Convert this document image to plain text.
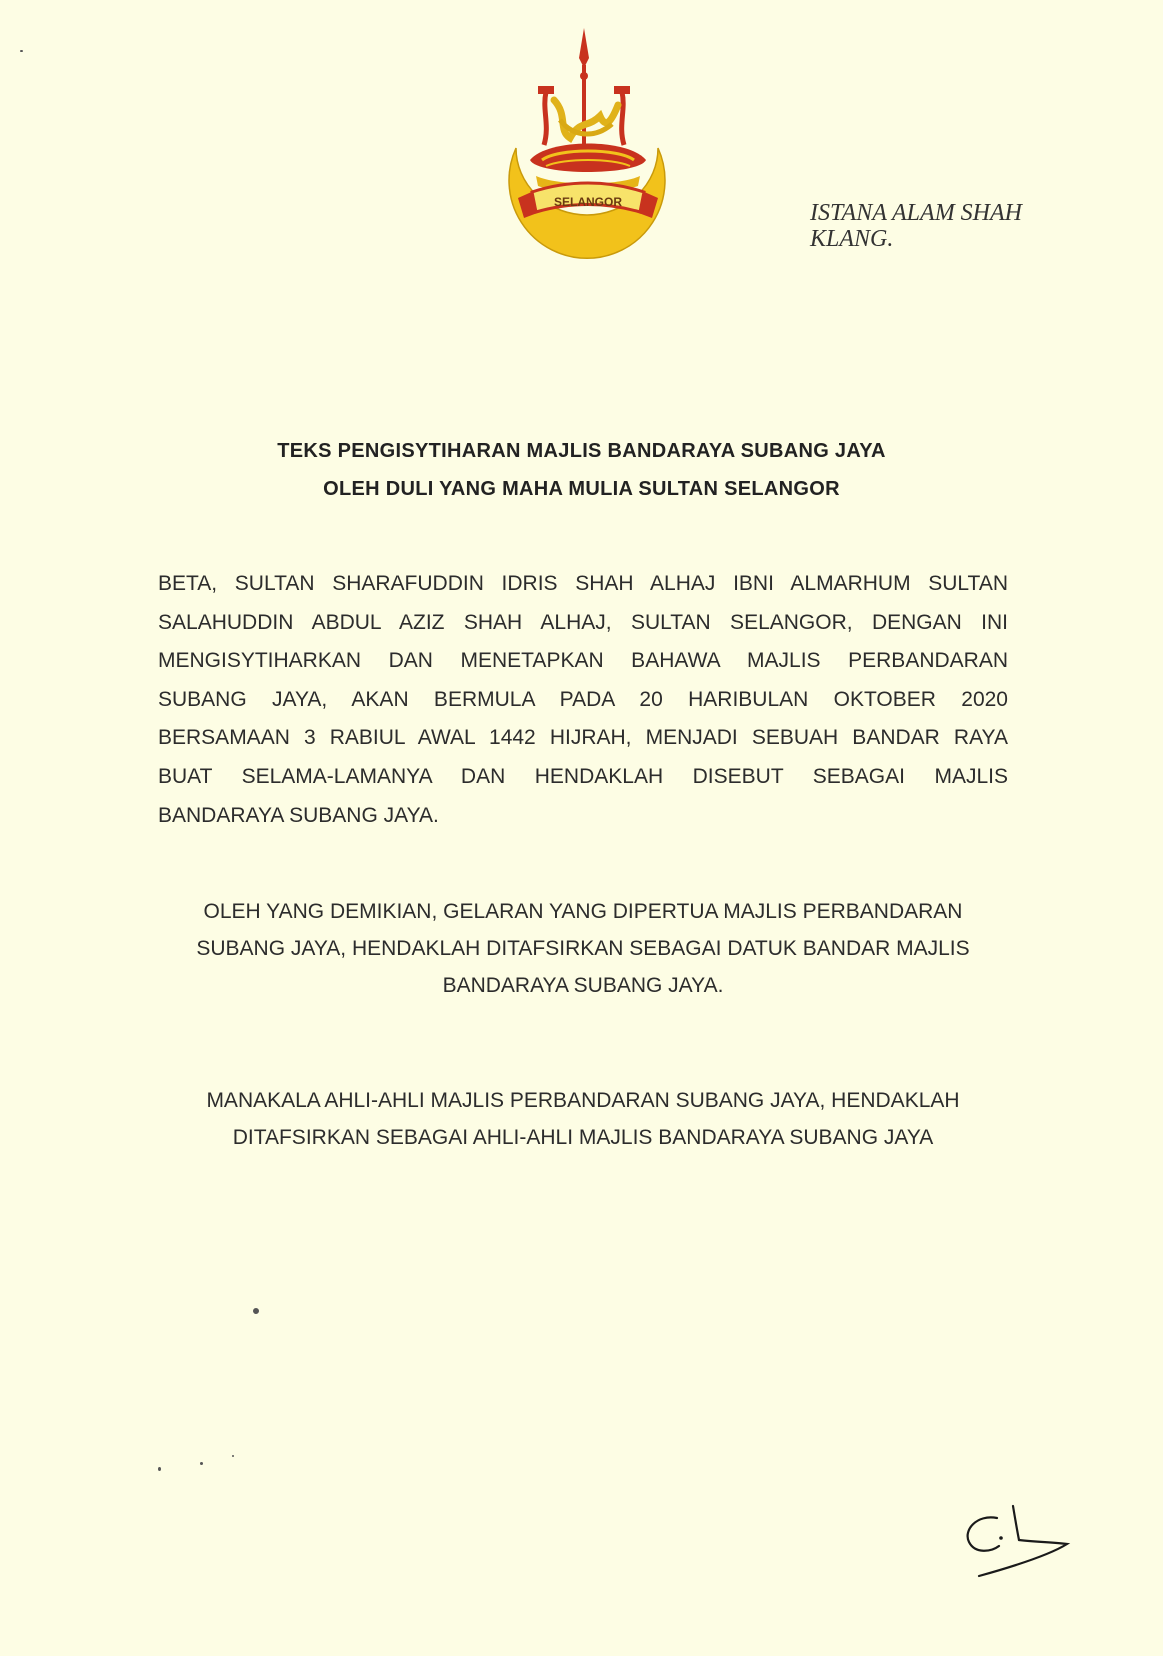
SELANGOR	ISTANA ALAM SHAH
KLANG.
TEKS PENGISYTIHARAN MAJLIS BANDARAYA SUBANG JAYA
OLEH DULI YANG MAHA MULIA SULTAN SELANGOR
BETA, SULTAN SHARAFUDDIN IDRIS SHAH ALHAJ IBNI ALMARHUM SULTAN
SALAHUDDIN ABDUL AZIZ SHAH ALHAJ, SULTAN SELANGOR, DENGAN INI
MENGISYTIHARKAN DAN MENETAPKAN BAHAWA MAJLIS PERBANDARAN
SUBANG JAYA, AKAN BERMULA PADA 20 HARIBULAN OKTOBER 2020
BERSAMAAN 3 RABIUL AWAL 1442 HIJRAH, MENJADI SEBUAH BANDAR RAYA
BUAT SELAMA-LAMANYA DAN HENDAKLAH DISEBUT SEBAGAI MAJLIS
BANDARAYA SUBANG JAYA.
OLEH YANG DEMIKIAN, GELARAN YANG DIPERTUA MAJLIS PERBANDARAN
SUBANG JAYA, HENDAKLAH DITAFSIRKAN SEBAGAI DATUK BANDAR MAJLIS
BANDARAYA SUBANG JAYA.
MANAKALA AHLI-AHLI MAJLIS PERBANDARAN SUBANG JAYA, HENDAKLAH
DITAFSIRKAN SEBAGAI AHLI-AHLI MAJLIS BANDARAYA SUBANG JAYA
